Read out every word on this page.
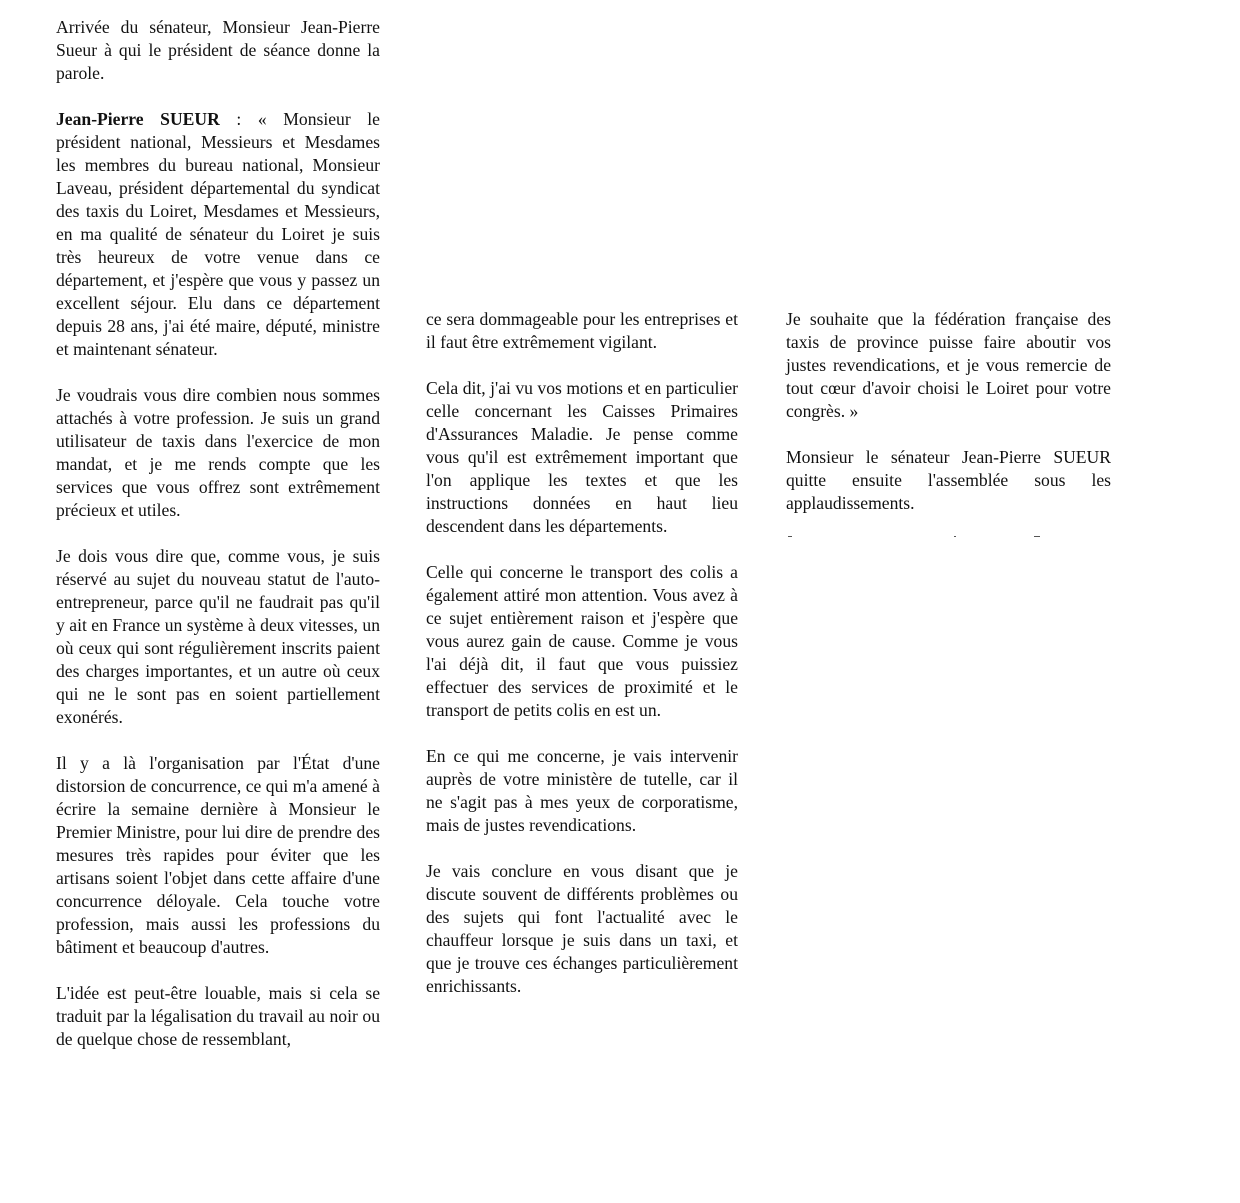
Arrivée du sénateur, Monsieur Jean-Pierre Sueur à qui le président de séance donne la parole.

Jean-Pierre SUEUR : « Monsieur le président national, Messieurs et Mesdames les membres du bureau national, Monsieur Laveau, président départemental du syndicat des taxis du Loiret, Mesdames et Messieurs, en ma qualité de sénateur du Loiret je suis très heureux de votre venue dans ce département, et j'espère que vous y passez un excellent séjour. Elu dans ce département depuis 28 ans, j'ai été maire, député, ministre et maintenant sénateur.

Je voudrais vous dire combien nous sommes attachés à votre profession. Je suis un grand utilisateur de taxis dans l'exercice de mon mandat, et je me rends compte que les services que vous offrez sont extrêmement précieux et utiles.

Je dois vous dire que, comme vous, je suis réservé au sujet du nouveau statut de l'auto-entrepreneur, parce qu'il ne faudrait pas qu'il y ait en France un système à deux vitesses, un où ceux qui sont régulièrement inscrits paient des charges importantes, et un autre où ceux qui ne le sont pas en soient partiellement exonérés.

Il y a là l'organisation par l'État d'une distorsion de concurrence, ce qui m'a amené à écrire la semaine dernière à Monsieur le Premier Ministre, pour lui dire de prendre des mesures très rapides pour éviter que les artisans soient l'objet dans cette affaire d'une concurrence déloyale. Cela touche votre profession, mais aussi les professions du bâtiment et beaucoup d'autres.

L'idée est peut-être louable, mais si cela se traduit par la légalisation du travail au noir ou de quelque chose de ressemblant,

ce sera dommageable pour les entreprises et il faut être extrêmement vigilant.

Cela dit, j'ai vu vos motions et en particulier celle concernant les Caisses Primaires d'Assurances Maladie. Je pense comme vous qu'il est extrêmement important que l'on applique les textes et que les instructions données en haut lieu descendent dans les départements.

Celle qui concerne le transport des colis a également attiré mon attention. Vous avez à ce sujet entièrement raison et j'espère que vous aurez gain de cause. Comme je vous l'ai déjà dit, il faut que vous puissiez effectuer des services de proximité et le transport de petits colis en est un.

En ce qui me concerne, je vais intervenir auprès de votre ministère de tutelle, car il ne s'agit pas à mes yeux de corporatisme, mais de justes revendications.

Je vais conclure en vous disant que je discute souvent de différents problèmes ou des sujets qui font l'actualité avec le chauffeur lorsque je suis dans un taxi, et que je trouve ces échanges particulièrement enrichissants.

Je souhaite que la fédération française des taxis de province puisse faire aboutir vos justes revendications, et je vous remercie de tout cœur d'avoir choisi le Loiret pour votre congrès. »

Monsieur le sénateur Jean-Pierre SUEUR quitte ensuite l'assemblée sous les applaudissements.
